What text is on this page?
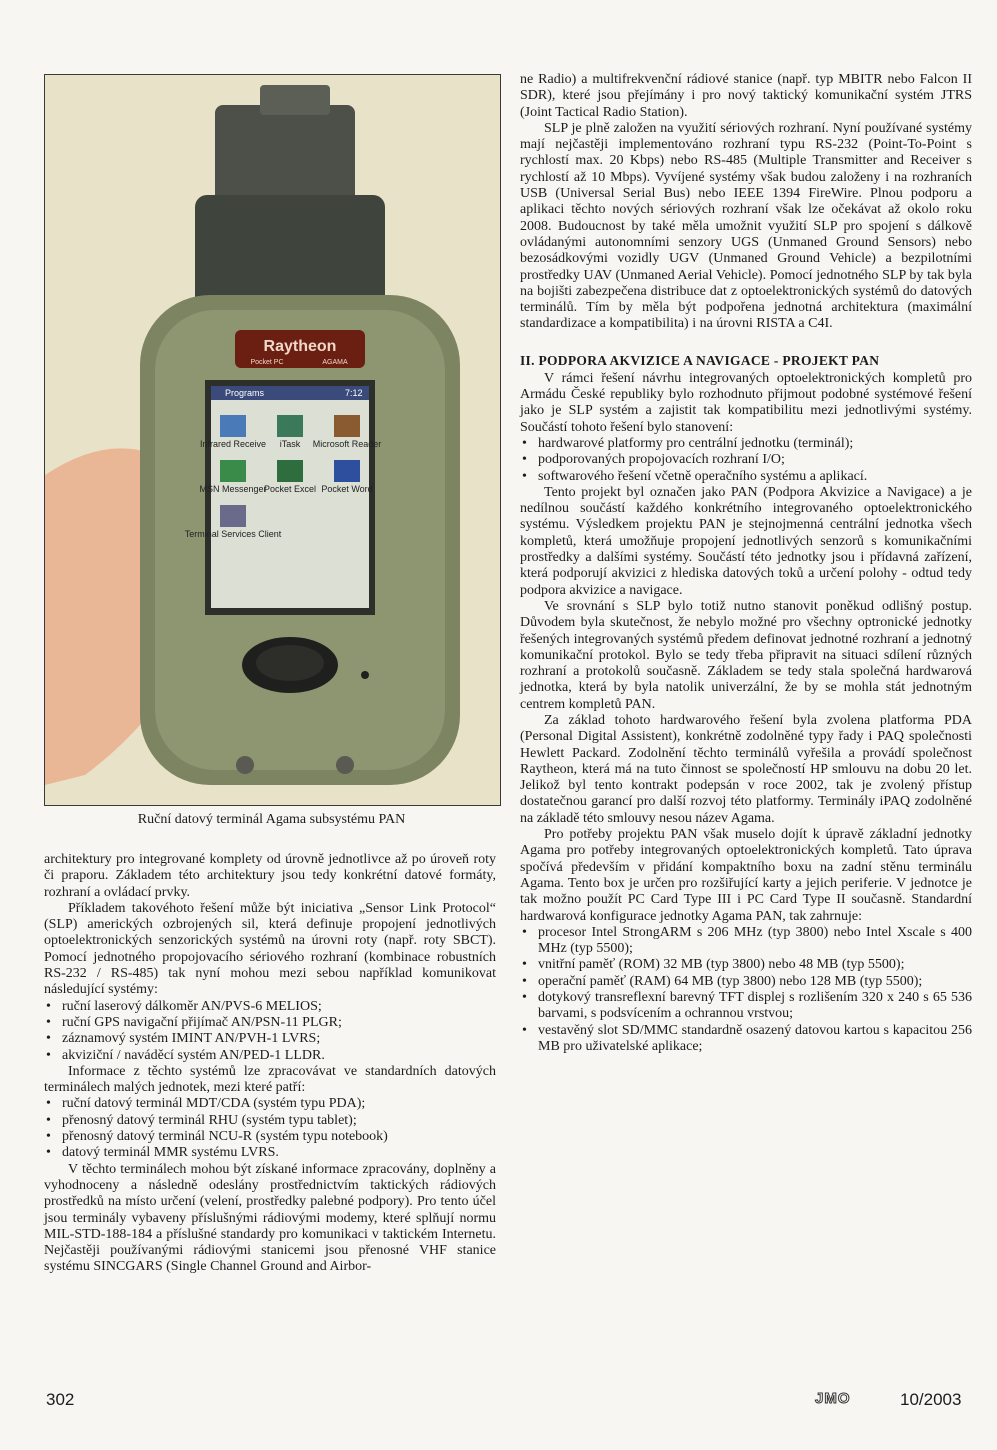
Raytheon
Pocket PC	AGAMA
Programs	7:12
Infrared Receive iTask Microsoft Reader
MSN Messenger
Pocket Excel Pocket Word
Terminal Services Client
Ruční datový terminál Agama subsystému PAN

architektury pro integrované komplety od úrovně jednotlivce až po úroveň roty či praporu. Základem této architektury jsou tedy konkrétní datové formáty, rozhraní a ovládací prvky.

Příkladem takovéhoto řešení může být iniciativa „Sensor Link Protocol“ (SLP) amerických ozbrojených sil, která definuje propojení jednotlivých optoelektronických senzorických systémů na úrovni roty (např. roty SBCT). Pomocí jednotného propojovacího sériového rozhraní (kombinace robustních RS-232 / RS-485) tak nyní mohou mezi sebou například komunikovat následující systémy:

• ruční laserový dálkoměr AN/PVS-6 MELIOS;
• ruční GPS navigační přijímač AN/PSN-11 PLGR;
• záznamový systém IMINT AN/PVH-1 LVRS;
• akviziční / naváděcí systém AN/PED-1 LLDR.

Informace z těchto systémů lze zpracovávat ve standardních datových terminálech malých jednotek, mezi které patří:

• ruční datový terminál MDT/CDA (systém typu PDA);
• přenosný datový terminál RHU (systém typu tablet);
• přenosný datový terminál NCU-R (systém typu notebook)
• datový terminál MMR systému LVRS.

V těchto terminálech mohou být získané informace zpracovány, doplněny a vyhodnoceny a následně odeslány prostřednictvím taktických rádiových prostředků na místo určení (velení, prostředky palebné podpory). Pro tento účel jsou terminály vybaveny příslušnými rádiovými modemy, které splňují normu MIL-STD-188-184 a příslušné standardy pro komunikaci v taktickém Internetu. Nejčastěji používanými rádiovými stanicemi jsou přenosné VHF stanice systému SINCGARS (Single Channel Ground and Airbor-

ne Radio) a multifrekvenční rádiové stanice (např. typ MBITR nebo Falcon II SDR), které jsou přejímány i pro nový taktický komunikační systém JTRS (Joint Tactical Radio Station).

SLP je plně založen na využití sériových rozhraní. Nyní používané systémy mají nejčastěji implementováno rozhraní typu RS-232 (Point-To-Point s rychlostí max. 20 Kbps) nebo RS-485 (Multiple Transmitter and Receiver s rychlostí až 10 Mbps). Vyvíjené systémy však budou založeny i na rozhraních USB (Universal Serial Bus) nebo IEEE 1394 FireWire. Plnou podporu a aplikaci těchto nových sériových rozhraní však lze očekávat až okolo roku 2008. Budoucnost by také měla umožnit využití SLP pro spojení s dálkově ovládanými autonomními senzory UGS (Unmaned Ground Sensors) nebo bezosádkovými vozidly UGV (Unmaned Ground Vehicle) a bezpilotními prostředky UAV (Unmaned Aerial Vehicle). Pomocí jednotného SLP by tak byla na bojišti zabezpečena distribuce dat z optoelektronických systémů do datových terminálů. Tím by měla být podpořena jednotná architektura (maximální standardizace a kompatibilita) i na úrovni RISTA a C4I.

II. PODPORA AKVIZICE A NAVIGACE - PROJEKT PAN

V rámci řešení návrhu integrovaných optoelektronických kompletů pro Armádu České republiky bylo rozhodnuto přijmout podobné systémové řešení jako je SLP systém a zajistit tak kompatibilitu mezi jednotlivými systémy. Součástí tohoto řešení bylo stanovení:

• hardwarové platformy pro centrální jednotku (terminál);
• podporovaných propojovacích rozhraní I/O;
• softwarového řešení včetně operačního systému a aplikací.

Tento projekt byl označen jako PAN (Podpora Akvizice a Navigace) a je nedílnou součástí každého konkrétního integrovaného optoelektronického systému. Výsledkem projektu PAN je stejnojmenná centrální jednotka všech kompletů, která umožňuje propojení jednotlivých senzorů s komunikačními prostředky a dalšími systémy. Součástí této jednotky jsou i přídavná zařízení, která podporují akvizici z hlediska datových toků a určení polohy - odtud tedy podpora akvizice a navigace.

Ve srovnání s SLP bylo totiž nutno stanovit poněkud odlišný postup. Důvodem byla skutečnost, že nebylo možné pro všechny optronické jednotky řešených integrovaných systémů předem definovat jednotné rozhraní a jednotný komunikační protokol. Bylo se tedy třeba připravit na situaci sdílení různých rozhraní a protokolů současně. Základem se tedy stala společná hardwarová jednotka, která by byla natolik univerzální, že by se mohla stát jednotným centrem kompletů PAN.

Za základ tohoto hardwarového řešení byla zvolena platforma PDA (Personal Digital Assistent), konkrétně zodolněné typy řady i PAQ společnosti Hewlett Packard. Zodolnění těchto terminálů vyřešila a provádí společnost Raytheon, která má na tuto činnost se společností HP smlouvu na dobu 20 let. Jelikož byl tento kontrakt podepsán v roce 2002, tak je zvolený přístup dostatečnou garancí pro další rozvoj této platformy. Terminály iPAQ zodolněné na základě této smlouvy nesou název Agama.

Pro potřeby projektu PAN však muselo dojít k úpravě základní jednotky Agama pro potřeby integrovaných optoelektronických kompletů. Tato úprava spočívá především v přidání kompaktního boxu na zadní stěnu terminálu Agama. Tento box je určen pro rozšiřující karty a jejich periferie. V jednotce je tak možno použít PC Card Type III i PC Card Type II současně. Standardní hardwarová konfigurace jednotky Agama PAN, tak zahrnuje:

• procesor Intel StrongARM s 206 MHz (typ 3800) nebo Intel Xscale s 400 MHz (typ 5500);
• vnitřní paměť (ROM) 32 MB (typ 3800) nebo 48 MB (typ 5500);
• operační paměť (RAM) 64 MB (typ 3800) nebo 128 MB (typ 5500);
• dotykový transreflexní barevný TFT displej s rozlišením 320 x 240 s 65 536 barvami, s podsvícením a ochrannou vrstvou;
• vestavěný slot SD/MMC standardně osazený datovou kartou s kapacitou 256 MB pro uživatelské aplikace;
302	JMO	10/2003
